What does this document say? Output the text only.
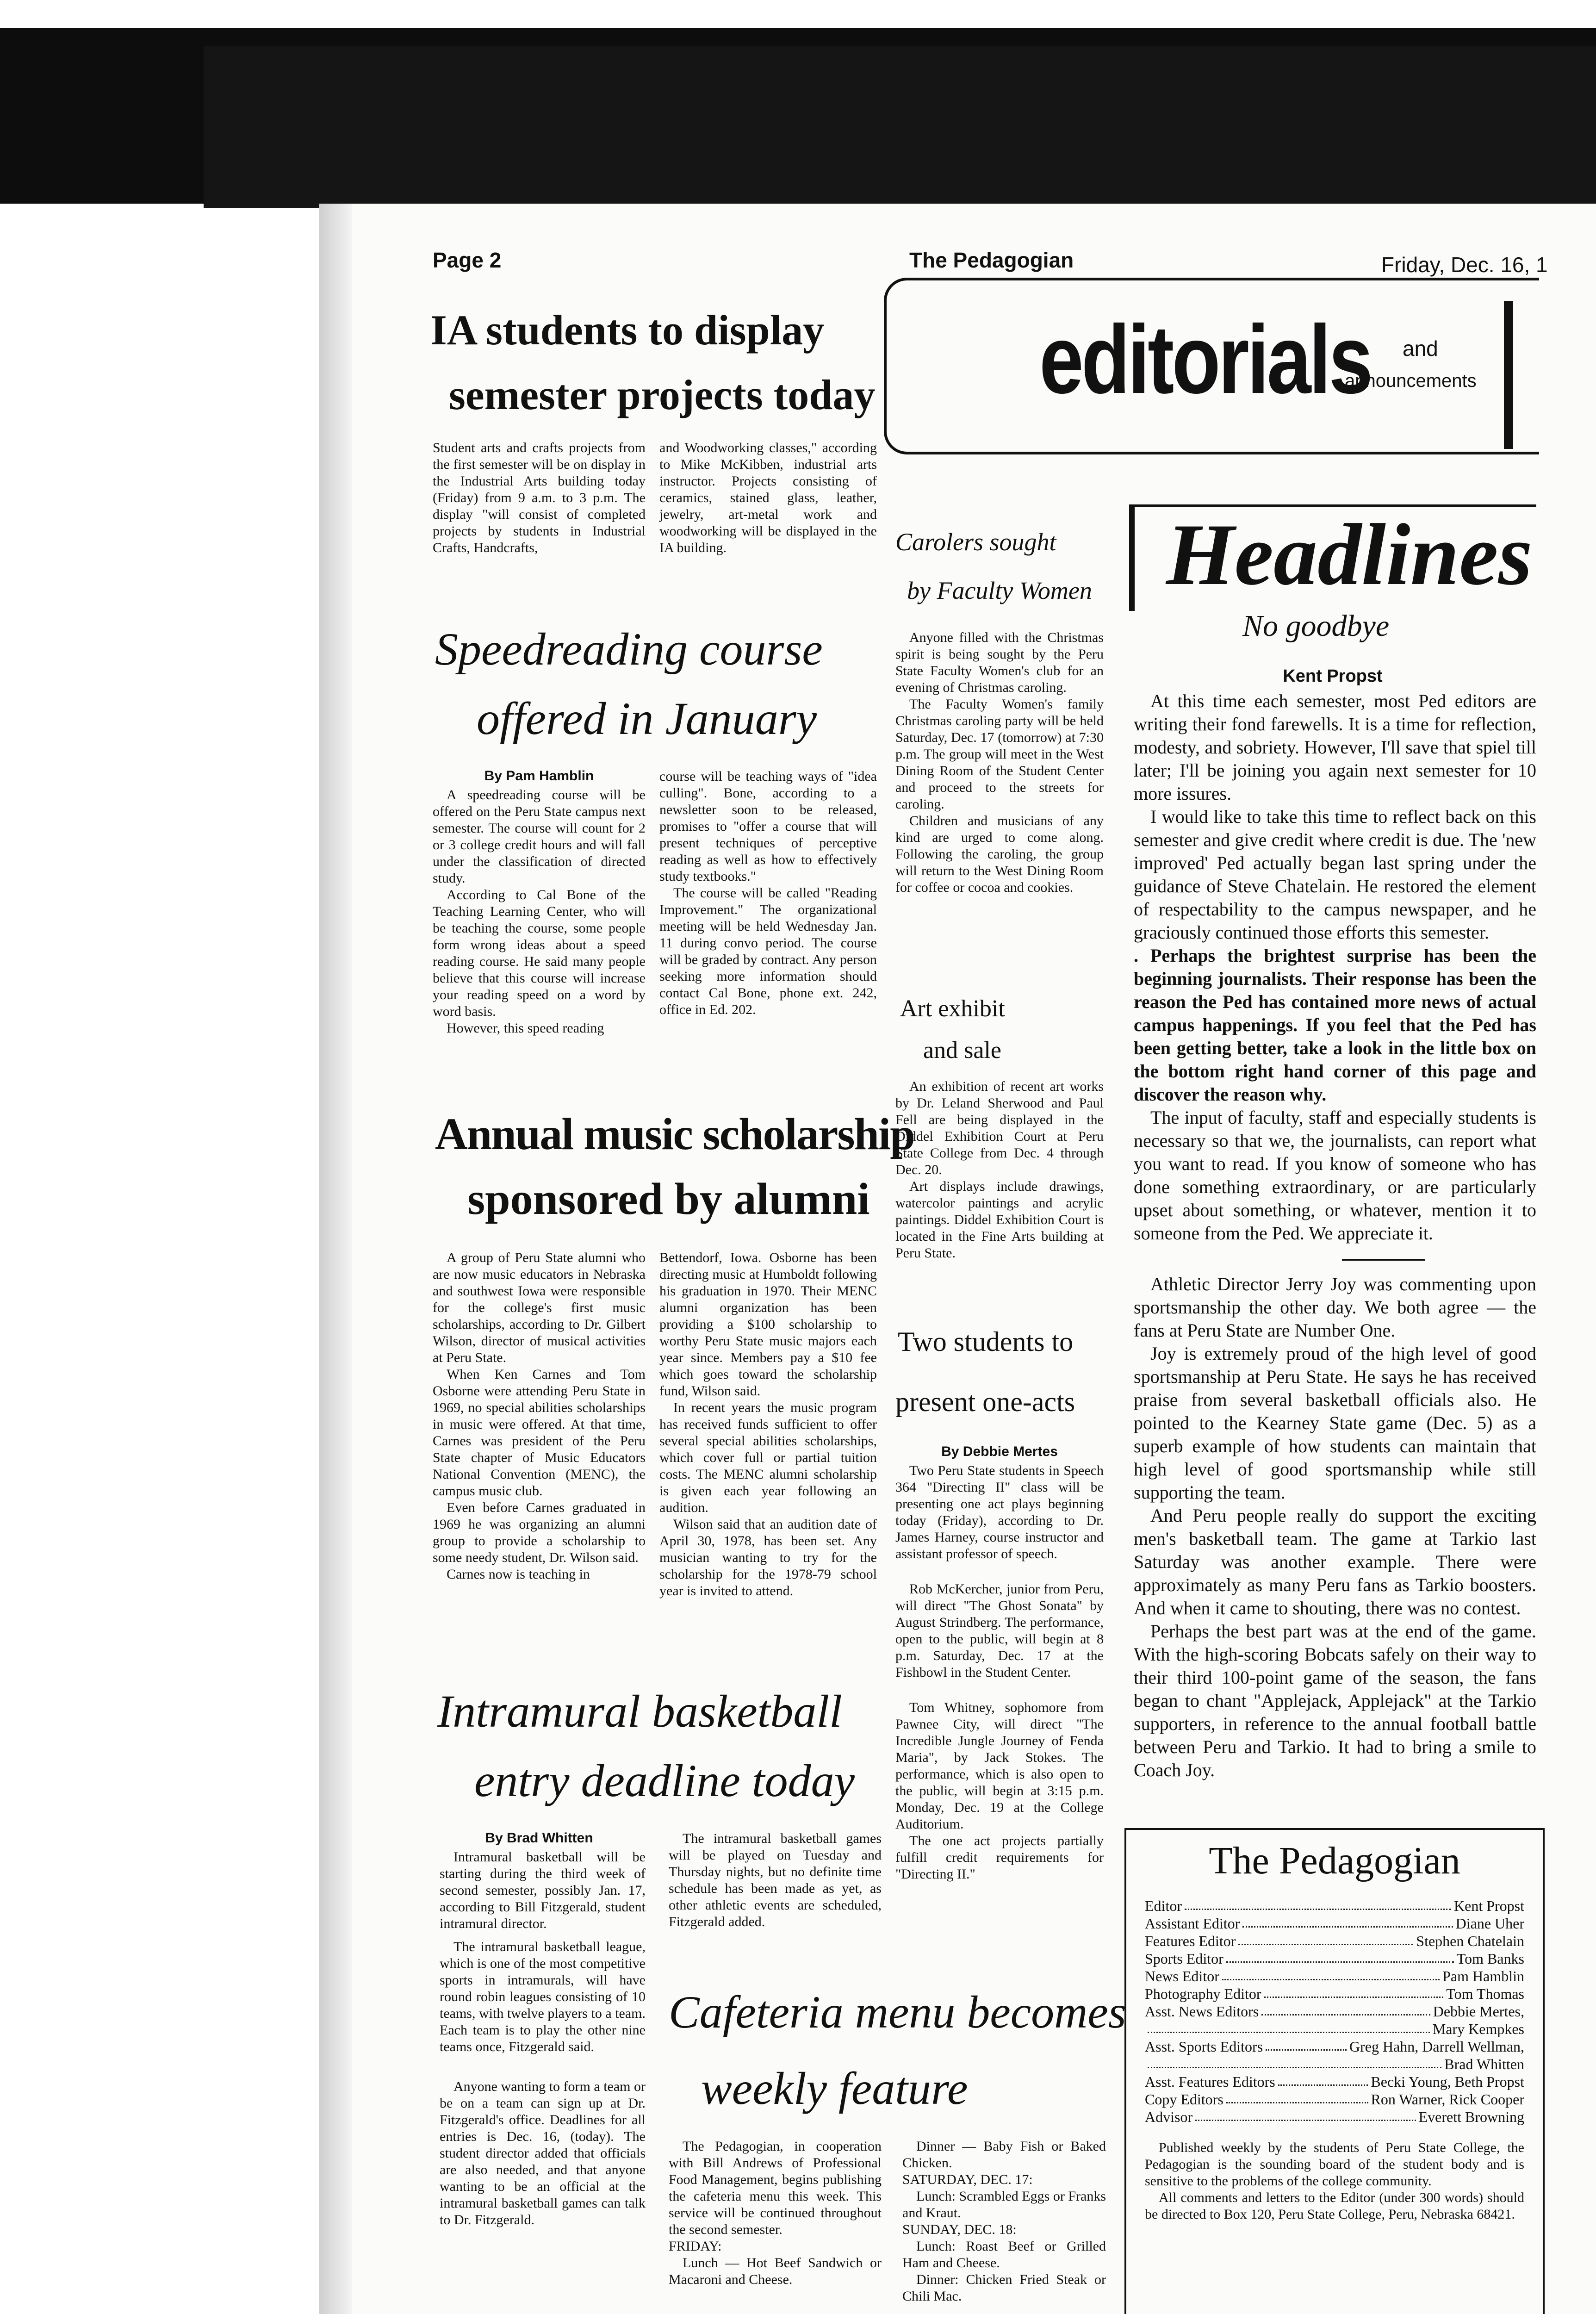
Page 2	The Pedagogian	Friday, Dec. 16, 1
editorials and
announcements
IA students to display
semester projects today
Student arts and crafts projects from the first semester will be on display in the Industrial Arts building today (Friday) from 9 a.m. to 3 p.m. The display "will consist of completed projects by students in Industrial Crafts, Handcrafts,
and Woodworking classes," according to Mike McKibben, industrial arts instructor. Projects consisting of ceramics, stained glass, leather, jewelry, art-metal work and woodworking will be displayed in the IA building.
Speedreading course
offered in January
By Pam Hamblin

A speedreading course will be offered on the Peru State campus next semester. The course will count for 2 or 3 college credit hours and will fall under the classification of directed study.

According to Cal Bone of the Teaching Learning Center, who will be teaching the course, some people form wrong ideas about a speed reading course. He said many people believe that this course will increase your reading speed on a word by word basis.

However, this speed reading

course will be teaching ways of "idea culling". Bone, according to a newsletter soon to be released, promises to "offer a course that will present techniques of perceptive reading as well as how to effectively study textbooks."

The course will be called "Reading Improvement." The organizational meeting will be held Wednesday Jan. 11 during convo period. The course will be graded by contract. Any person seeking more information should contact Cal Bone, phone ext. 242, office in Ed. 202.

Annual music scholarship
sponsored by alumni

A group of Peru State alumni who are now music educators in Nebraska and southwest Iowa were responsible for the college's first music scholarships, according to Dr. Gilbert Wilson, director of musical activities at Peru State.

When Ken Carnes and Tom Osborne were attending Peru State in 1969, no special abilities scholarships in music were offered. At that time, Carnes was president of the Peru State chapter of Music Educators National Convention (MENC), the campus music club.

Even before Carnes graduated in 1969 he was organizing an alumni group to provide a scholarship to some needy student, Dr. Wilson said.

Carnes now is teaching in

Bettendorf, Iowa. Osborne has been directing music at Humboldt following his graduation in 1970. Their MENC alumni organization has been providing a $100 scholarship to worthy Peru State music majors each year since. Members pay a $10 fee which goes toward the scholarship fund, Wilson said.

In recent years the music program has received funds sufficient to offer several special abilities scholarships, which cover full or partial tuition costs. The MENC alumni scholarship is given each year following an audition.

Wilson said that an audition date of April 30, 1978, has been set. Any musician wanting to try for the scholarship for the 1978-79 school year is invited to attend.

Intramural basketball
entry deadline today
By Brad Whitten

Intramural basketball will be starting during the third week of second semester, possibly Jan. 17, according to Bill Fitzgerald, student intramural director.

The intramural basketball league, which is one of the most competitive sports in intramurals, will have round robin leagues consisting of 10 teams, with twelve players to a team. Each team is to play the other nine teams once, Fitzgerald said.

Anyone wanting to form a team or be on a team can sign up at Dr. Fitzgerald's office. Deadlines for all entries is Dec. 16, (today). The student director added that officials are also needed, and that anyone wanting to be an official at the intramural basketball games can talk to Dr. Fitzgerald.

The intramural basketball games will be played on Tuesday and Thursday nights, but no definite time schedule has been made as yet, as other athletic events are scheduled, Fitzgerald added.

Cafeteria menu becomes
weekly feature

The Pedagogian, in cooperation with Bill Andrews of Professional Food Management, begins publishing the cafeteria menu this week. This service will be continued throughout the second semester.

FRIDAY:

Lunch — Hot Beef Sandwich or Macaroni and Cheese.

Dinner — Baby Fish or Baked Chicken.

SATURDAY, DEC. 17:

Lunch: Scrambled Eggs or Franks and Kraut.

SUNDAY, DEC. 18:

Lunch: Roast Beef or Grilled Ham and Cheese.

Dinner: Chicken Fried Steak or Chili Mac.

Carolers sought
by Faculty Women

Anyone filled with the Christmas spirit is being sought by the Peru State Faculty Women's club for an evening of Christmas caroling.

The Faculty Women's family Christmas caroling party will be held Saturday, Dec. 17 (tomorrow) at 7:30 p.m. The group will meet in the West Dining Room of the Student Center and proceed to the streets for caroling.

Children and musicians of any kind are urged to come along. Following the caroling, the group will return to the West Dining Room for coffee or cocoa and cookies.

Art exhibit
and sale

An exhibition of recent art works by Dr. Leland Sherwood and Paul Fell are being displayed in the Diddel Exhibition Court at Peru State College from Dec. 4 through Dec. 20.

Art displays include drawings, watercolor paintings and acrylic paintings. Diddel Exhibition Court is located in the Fine Arts building at Peru State.

Two students to
present one-acts
By Debbie Mertes

Two Peru State students in Speech 364 "Directing II" class will be presenting one act plays beginning today (Friday), according to Dr. James Harney, course instructor and assistant professor of speech.

Rob McKercher, junior from Peru, will direct "The Ghost Sonata" by August Strindberg. The performance, open to the public, will begin at 8 p.m. Saturday, Dec. 17 at the Fishbowl in the Student Center.

Tom Whitney, sophomore from Pawnee City, will direct "The Incredible Jungle Journey of Fenda Maria", by Jack Stokes. The performance, which is also open to the public, will begin at 3:15 p.m. Monday, Dec. 19 at the College Auditorium.

The one act projects partially fulfill credit requirements for "Directing II."

Headlines
No goodbye
Kent Propst

At this time each semester, most Ped editors are writing their fond farewells. It is a time for reflection, modesty, and sobriety. However, I'll save that spiel till later; I'll be joining you again next semester for 10 more issures.

I would like to take this time to reflect back on this semester and give credit where credit is due. The 'new improved' Ped actually began last spring under the guidance of Steve Chatelain. He restored the element of respectability to the campus newspaper, and he graciously continued those efforts this semester.

. Perhaps the brightest surprise has been the beginning journalists. Their response has been the reason the Ped has contained more news of actual campus happenings. If you feel that the Ped has been getting better, take a look in the little box on the bottom right hand corner of this page and discover the reason why.

The input of faculty, staff and especially students is necessary so that we, the journalists, can report what you want to read. If you know of someone who has done something extraordinary, or are particularly upset about something, or whatever, mention it to someone from the Ped. We appreciate it.

Athletic Director Jerry Joy was commenting upon sportsmanship the other day. We both agree — the fans at Peru State are Number One.

Joy is extremely proud of the high level of good sportsmanship at Peru State. He says he has received praise from several basketball officials also. He pointed to the Kearney State game (Dec. 5) as a superb example of how students can maintain that high level of good sportsmanship while still supporting the team.

And Peru people really do support the exciting men's basketball team. The game at Tarkio last Saturday was another example. There were approximately as many Peru fans as Tarkio boosters. And when it came to shouting, there was no contest.

Perhaps the best part was at the end of the game. With the high-scoring Bobcats safely on their way to their third 100-point game of the season, the fans began to chant "Applejack, Applejack" at the Tarkio supporters, in reference to the annual football battle between Peru and Tarkio. It had to bring a smile to Coach Joy.

The Pedagogian
Editor	Kent Propst
Assistant Editor	Diane Uher
Features Editor	Stephen Chatelain
Sports Editor	Tom Banks
News Editor	Pam Hamblin
Photography Editor	Tom Thomas
Asst. News Editors	Debbie Mertes,
Mary Kempkes
Asst. Sports Editors	Greg Hahn, Darrell Wellman,
Brad Whitten
Asst. Features Editors	Becki Young, Beth Propst
Copy Editors	Ron Warner, Rick Cooper
Advisor	Everett Browning

Published weekly by the students of Peru State College, the Pedagogian is the sounding board of the student body and is sensitive to the problems of the college community.

All comments and letters to the Editor (under 300 words) should be directed to Box 120, Peru State College, Peru, Nebraska 68421.
